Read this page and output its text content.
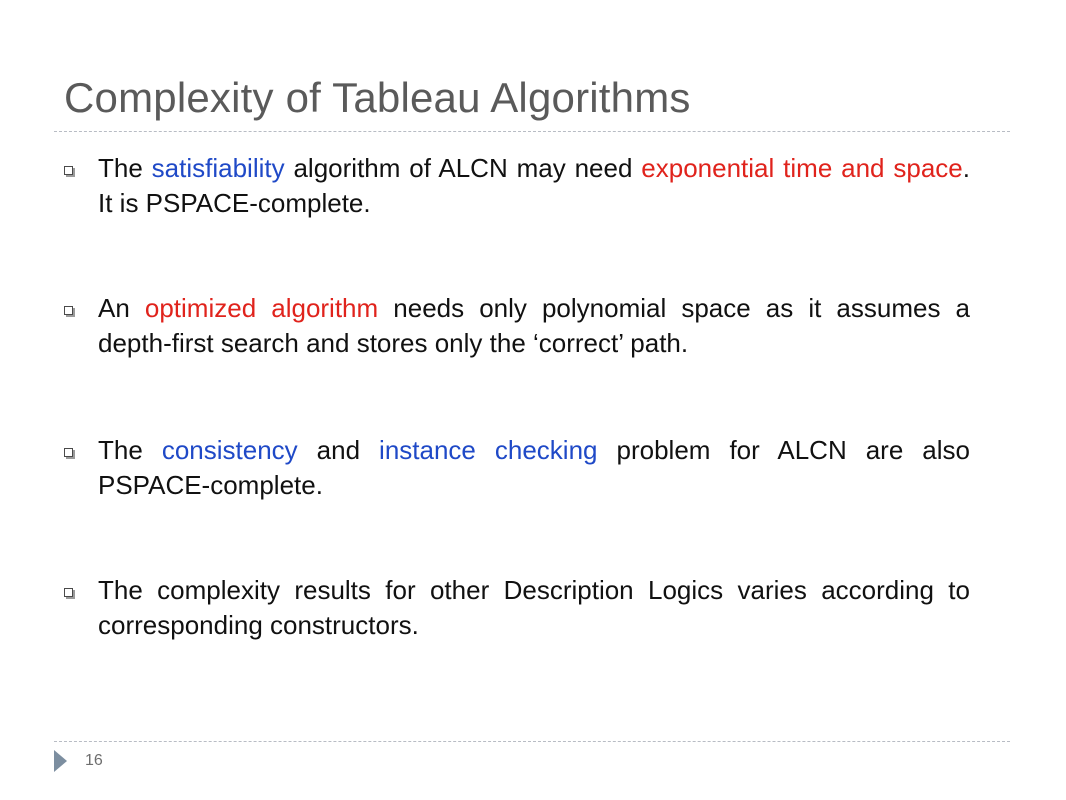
Complexity of Tableau Algorithms
The satisfiability algorithm of ALCN may need exponential time and space. It is PSPACE-complete.
An optimized algorithm needs only polynomial space as it assumes a depth-first search and stores only the ‘correct’ path.
The consistency and instance checking problem for ALCN are also PSPACE-complete.
The complexity results for other Description Logics varies according to corresponding constructors.
16
